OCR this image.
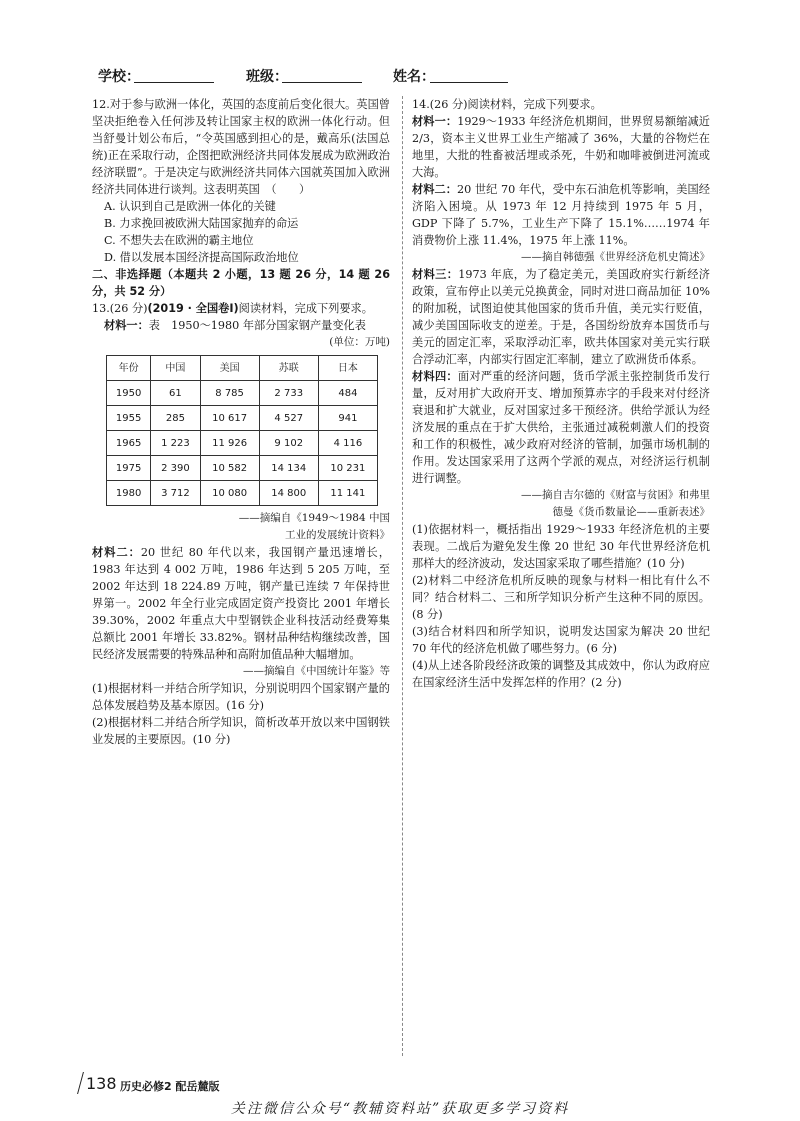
学校：	班级：	姓名：

12.对于参与欧洲一体化，英国的态度前后变化很大。英国曾坚决拒绝卷入任何涉及转让国家主权的欧洲一体化行动。但当舒曼计划公布后，“令英国感到担心的是，戴高乐(法国总统)正在采取行动，企图把欧洲经济共同体发展成为欧洲政治经济联盟”。于是决定与欧洲经济共同体六国就英国加入欧洲经济共同体进行谈判。这表明英国　（　　）

A. 认识到自己是欧洲一体化的关键

B. 力求挽回被欧洲大陆国家抛弃的命运

C. 不想失去在欧洲的霸主地位

D. 借以发展本国经济提高国际政治地位

二、非选择题（本题共 2 小题，13 题 26 分，14 题 26 分，共 52 分）

13.(26 分)(2019 · 全国卷Ⅰ)阅读材料，完成下列要求。

材料一：表　1950～1980 年部分国家钢产量变化表

(单位：万吨)

年份	中国	美国	苏联	日本
1950	61	8 785	2 733	484
1955	285	10 617	4 527	941
1965	1 223	11 926	9 102	4 116
1975	2 390	10 582	14 134	10 231
1980	3 712	10 080	14 800	11 141

——摘编自《1949～1984 中国

工业的发展统计资料》

材料二：20 世纪 80 年代以来，我国钢产量迅速增长，1983 年达到 4 002 万吨，1986 年达到 5 205 万吨，至 2002 年达到 18 224.89 万吨，钢产量已连续 7 年保持世界第一。2002 年全行业完成固定资产投资比 2001 年增长 39.30%，2002 年重点大中型钢铁企业科技活动经费筹集总额比 2001 年增长 33.82%。钢材品种结构继续改善，国民经济发展需要的特殊品种和高附加值品种大幅增加。

——摘编自《中国统计年鉴》等

(1)根据材料一并结合所学知识，分别说明四个国家钢产量的总体发展趋势及基本原因。(16 分)

(2)根据材料二并结合所学知识，简析改革开放以来中国钢铁业发展的主要原因。(10 分)

14.(26 分)阅读材料，完成下列要求。

材料一：1929～1933 年经济危机期间，世界贸易额缩减近 2/3，资本主义世界工业生产缩减了 36%，大量的谷物烂在地里，大批的牲畜被活埋或杀死，牛奶和咖啡被倒进河流或大海。

材料二：20 世纪 70 年代，受中东石油危机等影响，美国经济陷入困境。从 1973 年 12 月持续到 1975 年 5 月，GDP 下降了 5.7%，工业生产下降了 15.1%……1974 年消费物价上涨 11.4%，1975 年上涨 11%。

——摘自韩德强《世界经济危机史简述》

材料三：1973 年底，为了稳定美元，美国政府实行新经济政策，宣布停止以美元兑换黄金，同时对进口商品加征 10%的附加税，试图迫使其他国家的货币升值，美元实行贬值，减少美国国际收支的逆差。于是，各国纷纷放弃本国货币与美元的固定汇率，采取浮动汇率，欧共体国家对美元实行联合浮动汇率，内部实行固定汇率制，建立了欧洲货币体系。

材料四：面对严重的经济问题，货币学派主张控制货币发行量，反对用扩大政府开支、增加预算赤字的手段来对付经济衰退和扩大就业，反对国家过多干预经济。供给学派认为经济发展的重点在于扩大供给，主张通过减税刺激人们的投资和工作的积极性，减少政府对经济的管制，加强市场机制的作用。发达国家采用了这两个学派的观点，对经济运行机制进行调整。

——摘自吉尔德的《财富与贫困》和弗里

德曼《货币数量论——重新表述》

(1)依据材料一，概括指出 1929～1933 年经济危机的主要表现。二战后为避免发生像 20 世纪 30 年代世界经济危机那样大的经济波动，发达国家采取了哪些措施？(10 分)

(2)材料二中经济危机所反映的现象与材料一相比有什么不同？结合材料二、三和所学知识分析产生这种不同的原因。(8 分)

(3)结合材料四和所学知识，说明发达国家为解决 20 世纪 70 年代的经济危机做了哪些努力。(6 分)

(4)从上述各阶段经济政策的调整及其成效中，你认为政府应在国家经济生活中发挥怎样的作用？(2 分)

138 历史必修2 配岳麓版
关注微信公众号“教辅资料站”获取更多学习资料
